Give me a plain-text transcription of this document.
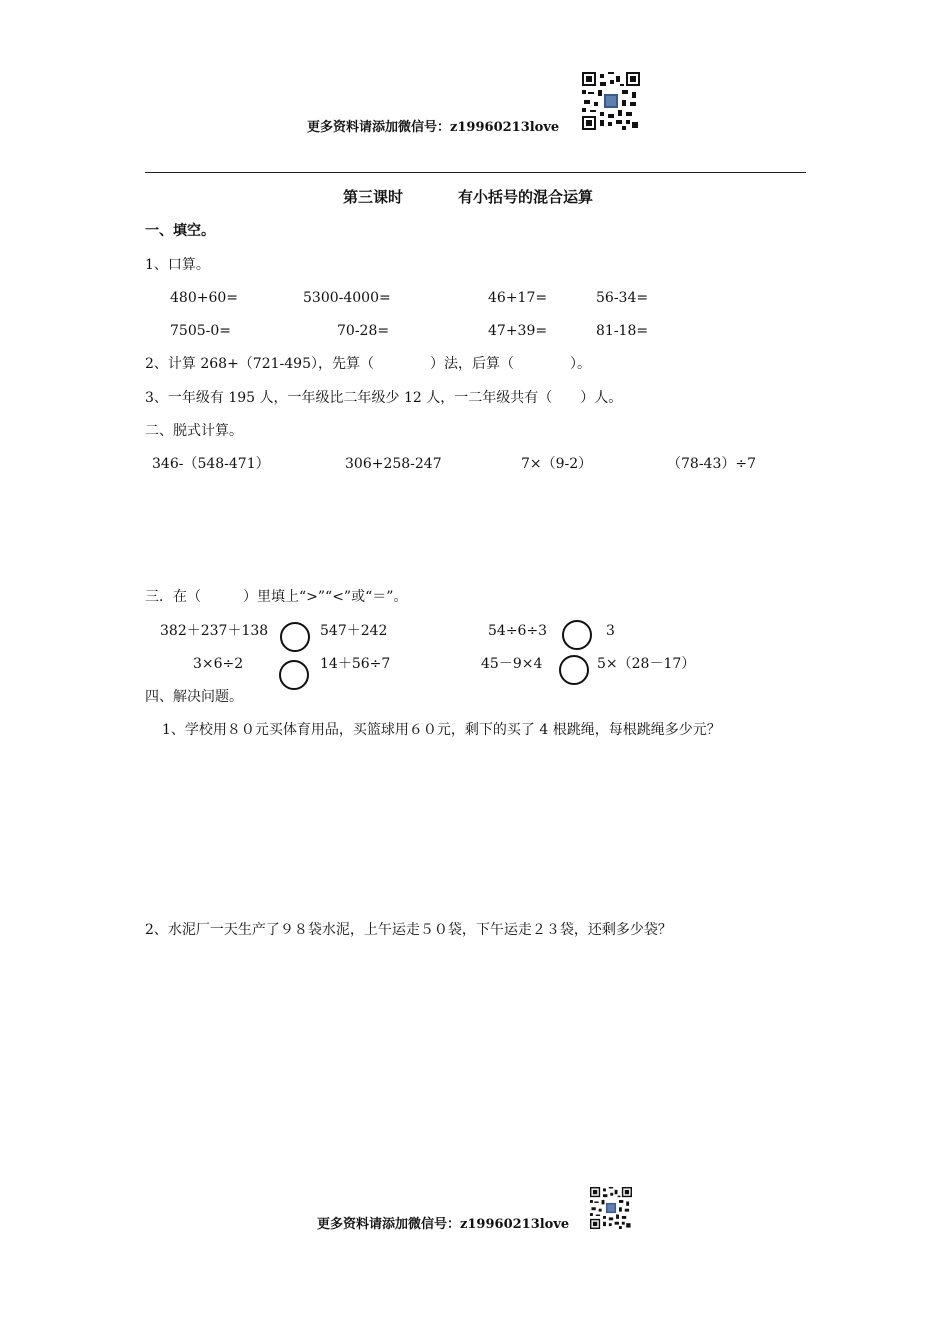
更多资料请添加微信号：z19960213love
第三课时	有小括号的混合运算
一、填空。
1、口算。
480+60=	5300-4000=	46+17=	56-34=
7505-0=	70-28=	47+39=	81-18=
2、计算 268+（721-495），先算（　　　　）法，后算（　　　　）。
3、一年级有 195 人，一年级比二年级少 12 人，一二年级共有（　　）人。
二、脱式计算。
346-（548-471）	306+258-247	7×（9-2）	（78-43）÷7
三．在（　　　）里填上“>”“<”或“＝”。
382＋237＋138	547＋242	54÷6÷3	3
3×6÷2	14＋56÷7	45－9×4	5×（28－17）
四、解决问题。
1、学校用８０元买体育用品，买篮球用６０元，剩下的买了 4 根跳绳，每根跳绳多少元？
2、水泥厂一天生产了９８袋水泥，上午运走５０袋，下午运走２３袋，还剩多少袋？
更多资料请添加微信号：z19960213love
